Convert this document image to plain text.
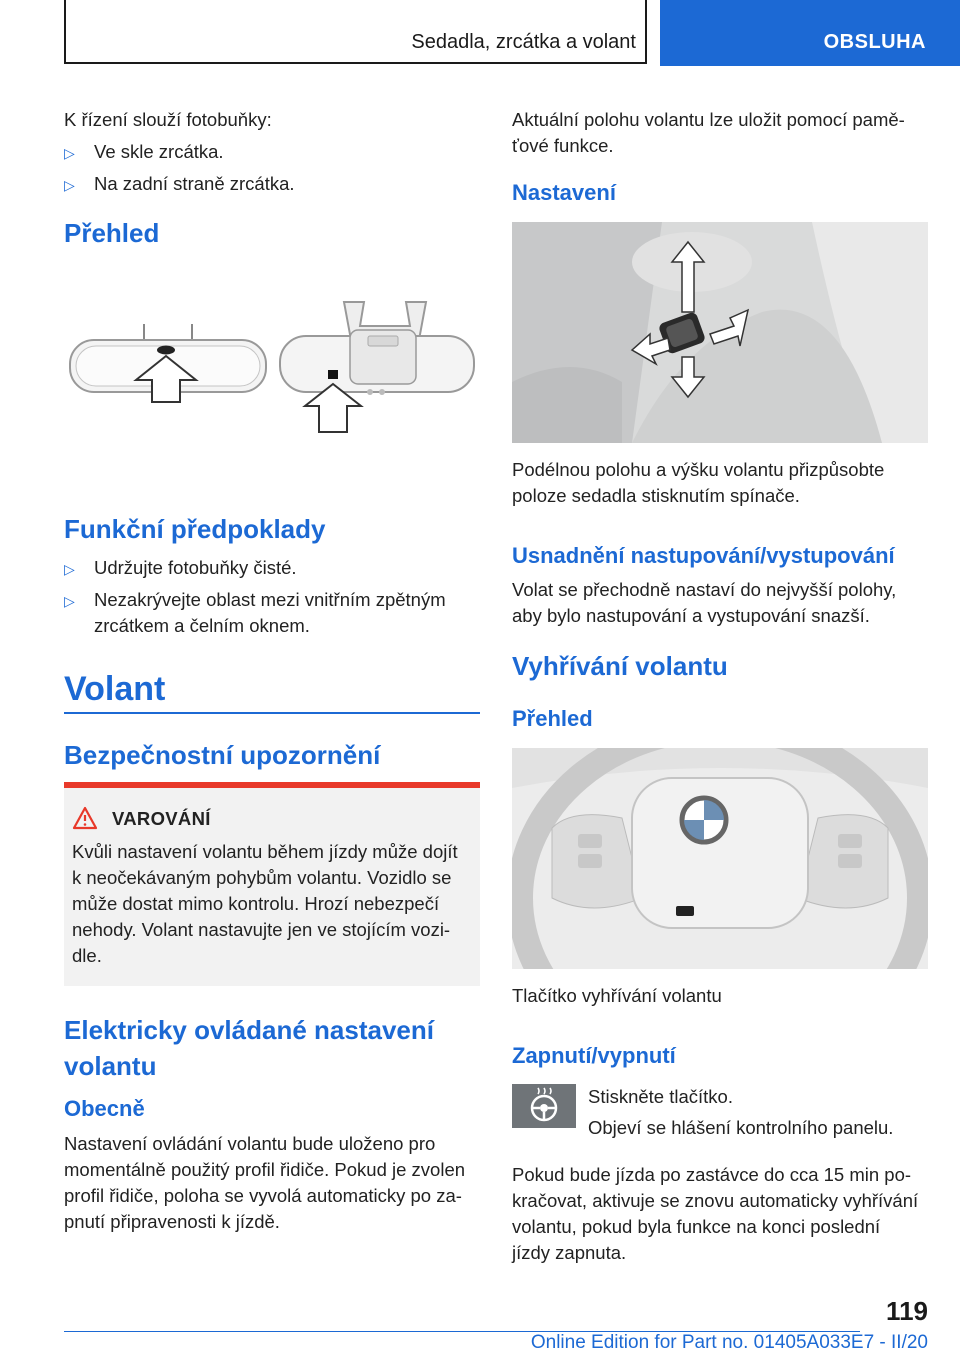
Sedadla, zrcátka a volant	OBSLUHA
K řízení slouží fotobuňky:
▷ Ve skle zrcátka.
▷ Na zadní straně zrcátka.
Přehled
Funkční předpoklady
▷ Udržujte fotobuňky čisté.
▷ Nezakrývejte oblast mezi vnitřním zpětným
zrcátkem a čelním oknem.
Volant
Bezpečnostní upozornění
VAROVÁNÍ
Kvůli nastavení volantu během jízdy může dojít
k neočekávaným pohybům volantu. Vozidlo se
může dostat mimo kontrolu. Hrozí nebezpečí
nehody. Volant nastavujte jen ve stojícím vozi-
dle.
Elektricky ovládané nastavení
volantu
Obecně
Nastavení ovládání volantu bude uloženo pro
momentálně použitý profil řidiče. Pokud je zvolen
profil řidiče, poloha se vyvolá automaticky po za-
pnutí připravenosti k jízdě.
Aktuální polohu volantu lze uložit pomocí pamě-
ťové funkce.
Nastavení
Podélnou polohu a výšku volantu přizpůsobte
poloze sedadla stisknutím spínače.
Usnadnění nastupování/vystupování
Volat se přechodně nastaví do nejvyšší polohy,
aby bylo nastupování a vystupování snazší.
Vyhřívání volantu
Přehled
Tlačítko vyhřívání volantu
Zapnutí/vypnutí
Stiskněte tlačítko.
Objeví se hlášení kontrolního panelu.
Pokud bude jízda po zastávce do cca 15 min po-
kračovat, aktivuje se znovu automaticky vyhřívání
volantu, pokud byla funkce na konci poslední
jízdy zapnuta.
119
Online Edition for Part no. 01405A033E7 - II/20
